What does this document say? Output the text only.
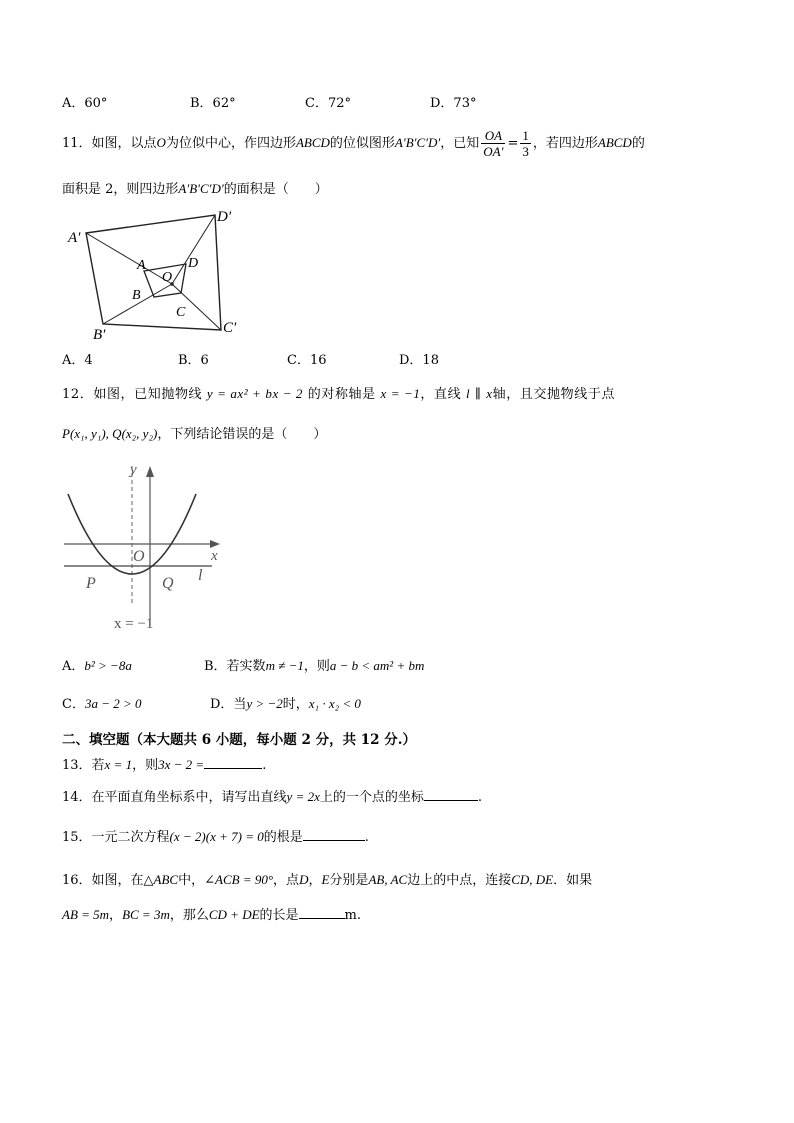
A．60°	B．62°	C．72°	D．73°
11．如图，以点O为位似中心，作四边形ABCD的位似图形A′B′C′D′，已知 $\frac{OA}{OA'} = \frac{1}{3}$ ，若四边形ABCD的
面积是 2，则四边形A′B′C′D′的面积是（　　）
A′
D′
B′	C′
A	D
B
C
O
A．4	B．6	C．16	D．18
12．如图，已知抛物线 y = ax² + bx − 2 的对称轴是 x = −1，直线 l ∥ x轴，且交抛物线于点
P(x₁, y₁), Q(x₂, y₂)，下列结论错误的是（　　）
y
x
O
P	Q l
x = −1
A．b² > −8a	B．若实数m ≠ −1，则a − b < am² + bm
C．3a − 2 > 0	D．当y > −2时，x₁ · x₂ < 0
二、填空题（本大题共 6 小题，每小题 2 分，共 12 分.）
13．若x = 1，则3x − 2 =	.
14．在平面直角坐标系中，请写出直线y = 2x上的一个点的坐标	.
15．一元二次方程(x − 2)(x + 7) = 0的根是	.
16．如图，在△ABC中，∠ACB = 90°，点D，E分别是AB, AC边上的中点，连接CD, DE．如果
AB = 5m，BC = 3m，那么CD + DE的长是	m.
